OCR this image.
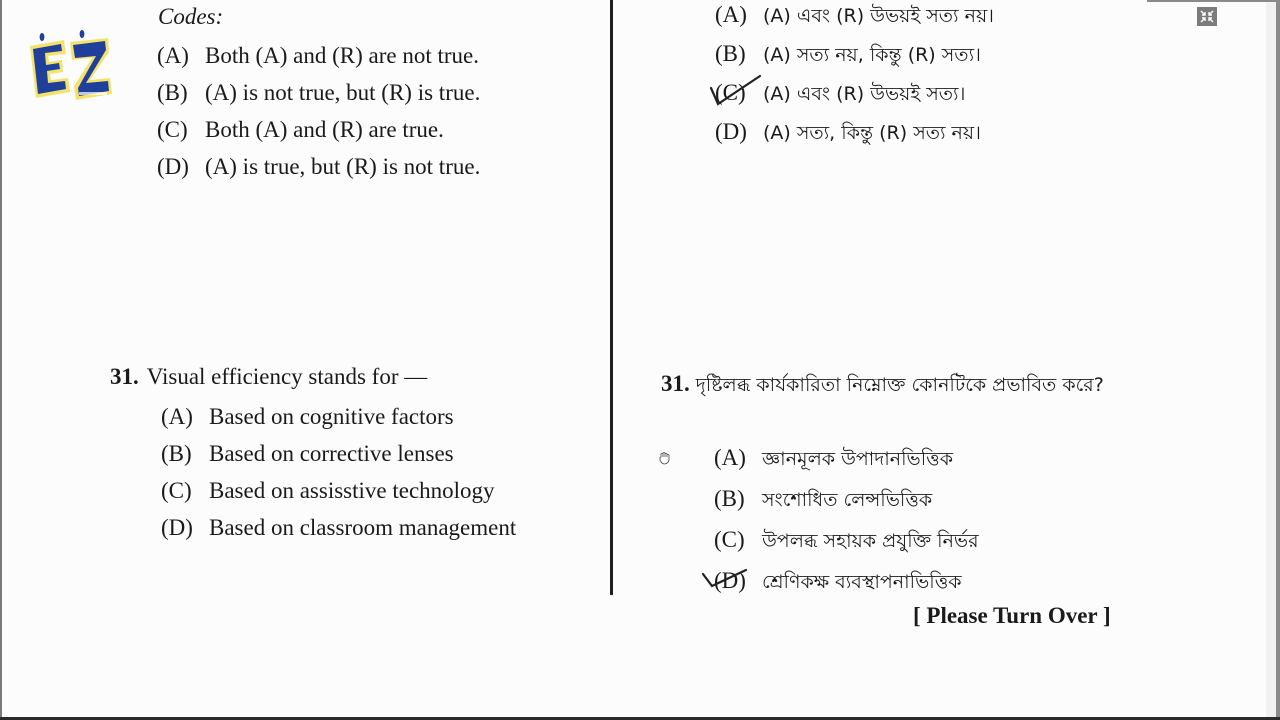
Codes:
(A) Both (A) and (R) are not true.
(B) (A) is not true, but (R) is true.
(C) Both (A) and (R) are true.
(D) (A) is true, but (R) is not true.
(A) (A) এবং (R) উভয়ই সত্য নয়।
(B) (A) সত্য নয়, কিন্তু (R) সত্য।
(C) (A) এবং (R) উভয়ই সত্য।
(D) (A) সত্য, কিন্তু (R) সত্য নয়।
31. Visual efficiency stands for —
(A) Based on cognitive factors
(B) Based on corrective lenses
(C) Based on assisstive technology
(D) Based on classroom management
31. দৃষ্টিলব্ধ কার্যকারিতা নিম্নোক্ত কোনটিকে প্রভাবিত করে?
(A) জ্ঞানমূলক উপাদানভিত্তিক
(B) সংশোধিত লেন্সভিত্তিক
(C) উপলব্ধ সহায়ক প্রযুক্তি নির্ভর
(D) শ্রেণিকক্ষ ব্যবস্থাপনাভিত্তিক
[ Please Turn Over ]
